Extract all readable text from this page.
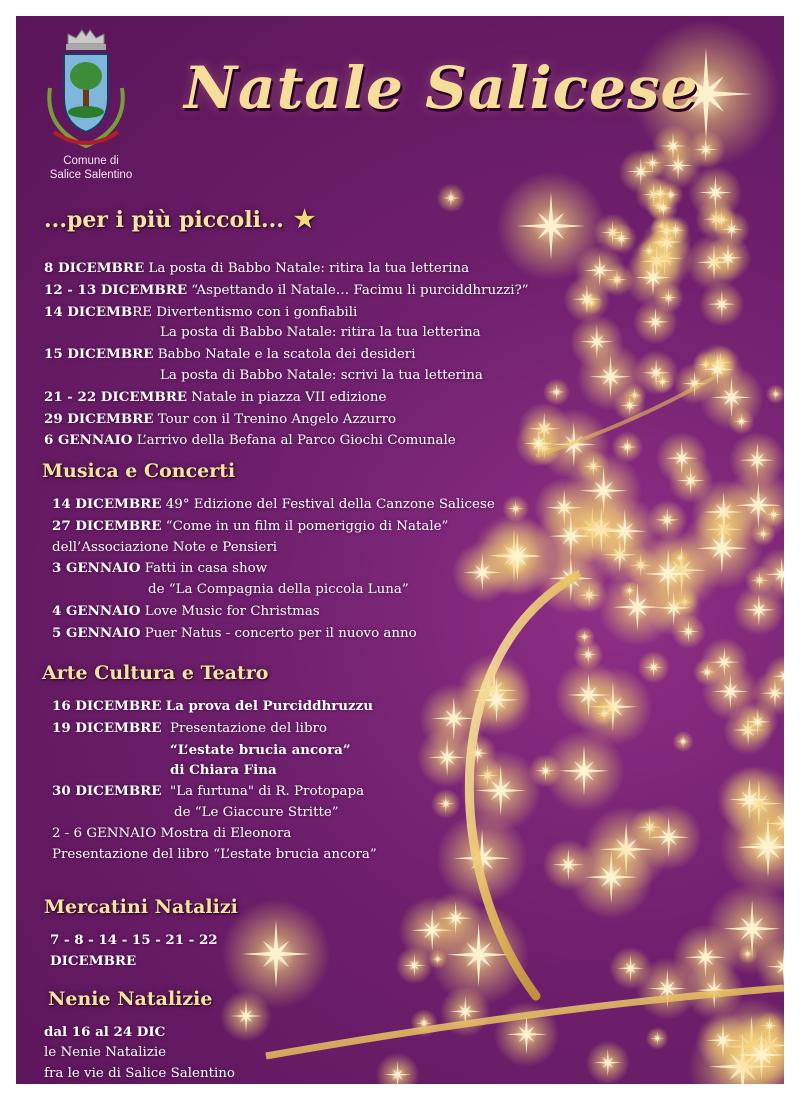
Comune di
Salice Salentino
Natale Salicese
...per i più piccoli... ★
8 DICEMBRE La posta di Babbo Natale: ritira la tua letterina
12 - 13 DICEMBRE “Aspettando il Natale… Facimu li purciddhruzzi?”
14 DICEMBRE Divertentismo con i gonfiabili
La posta di Babbo Natale: ritira la tua letterina
15 DICEMBRE Babbo Natale e la scatola dei desideri
La posta di Babbo Natale: scrivi la tua letterina
21 - 22 DICEMBRE Natale in piazza VII edizione
29 DICEMBRE Tour con il Trenino Angelo Azzurro
6 GENNAIO L’arrivo della Befana al Parco Giochi Comunale
Musica e Concerti
14 DICEMBRE 49° Edizione del Festival della Canzone Salicese
27 DICEMBRE “Come in un film il pomeriggio di Natale”
dell’Associazione Note e Pensieri
3 GENNAIO Fatti in casa show
de “La Compagnia della piccola Luna”
4 GENNAIO Love Music for Christmas
5 GENNAIO Puer Natus - concerto per il nuovo anno
Arte Cultura e Teatro
16 DICEMBRE La prova del Purciddhruzzu
19 DICEMBRE Presentazione del libro
“L’estate brucia ancora”
di Chiara Fina
30 DICEMBRE "La furtuna" di R. Protopapa
de “Le Giaccure Stritte”
2 - 6 GENNAIO Mostra di Eleonora
Presentazione del libro “L’estate brucia ancora”
Mercatini Natalizi
7 - 8 - 14 - 15 - 21 - 22
DICEMBRE
Nenie Natalizie
dal 16 al 24 DIC
le Nenie Natalizie
fra le vie di Salice Salentino
